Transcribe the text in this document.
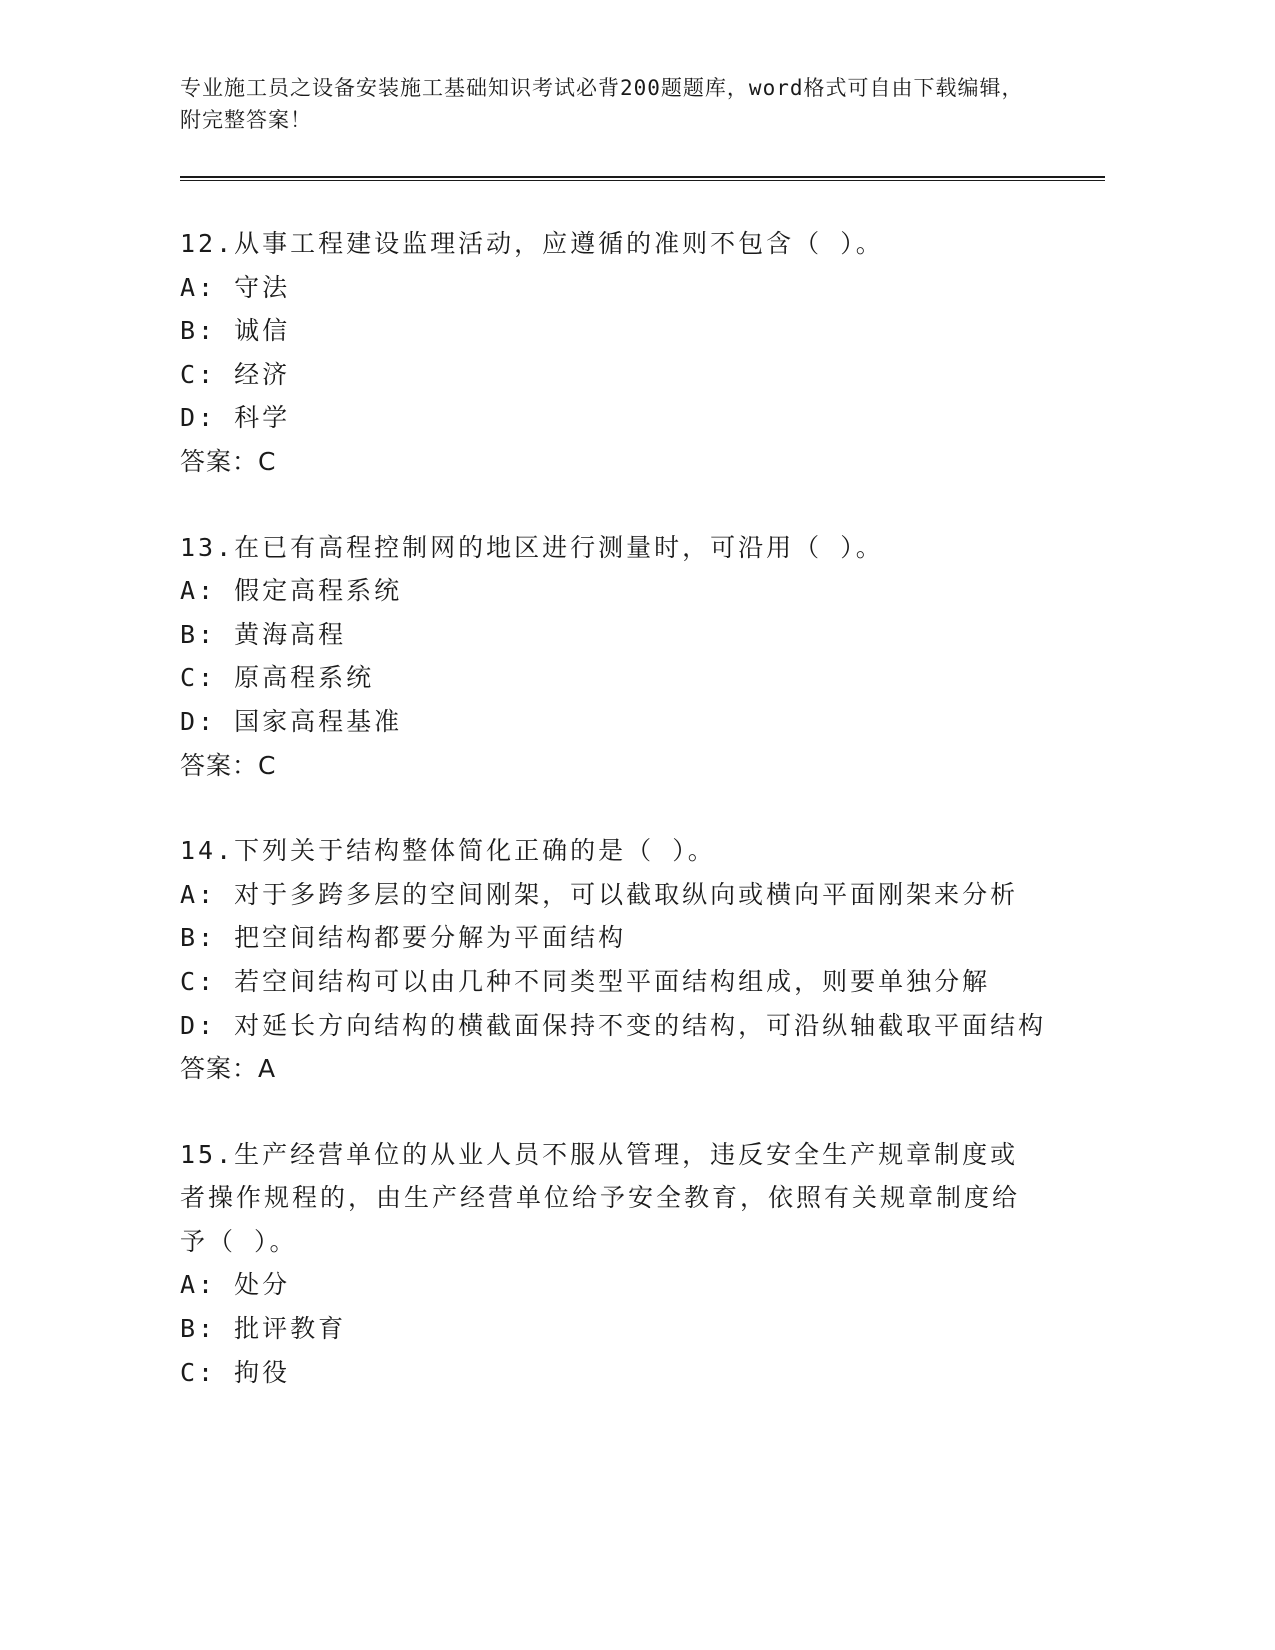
专业施工员之设备安装施工基础知识考试必背200题题库，word格式可自由下载编辑，附完整答案！
12.从事工程建设监理活动，应遵循的准则不包含（ ）。
A: 守法
B: 诚信
C: 经济
D: 科学
答案：C
13.在已有高程控制网的地区进行测量时，可沿用（ ）。
A: 假定高程系统
B: 黄海高程
C: 原高程系统
D: 国家高程基准
答案：C
14.下列关于结构整体简化正确的是（ ）。
A: 对于多跨多层的空间刚架，可以截取纵向或横向平面刚架来分析
B: 把空间结构都要分解为平面结构
C: 若空间结构可以由几种不同类型平面结构组成，则要单独分解
D: 对延长方向结构的横截面保持不变的结构，可沿纵轴截取平面结构
答案：A
15.生产经营单位的从业人员不服从管理，违反安全生产规章制度或者操作规程的，由生产经营单位给予安全教育，依照有关规章制度给予（ ）。
A: 处分
B: 批评教育
C: 拘役
